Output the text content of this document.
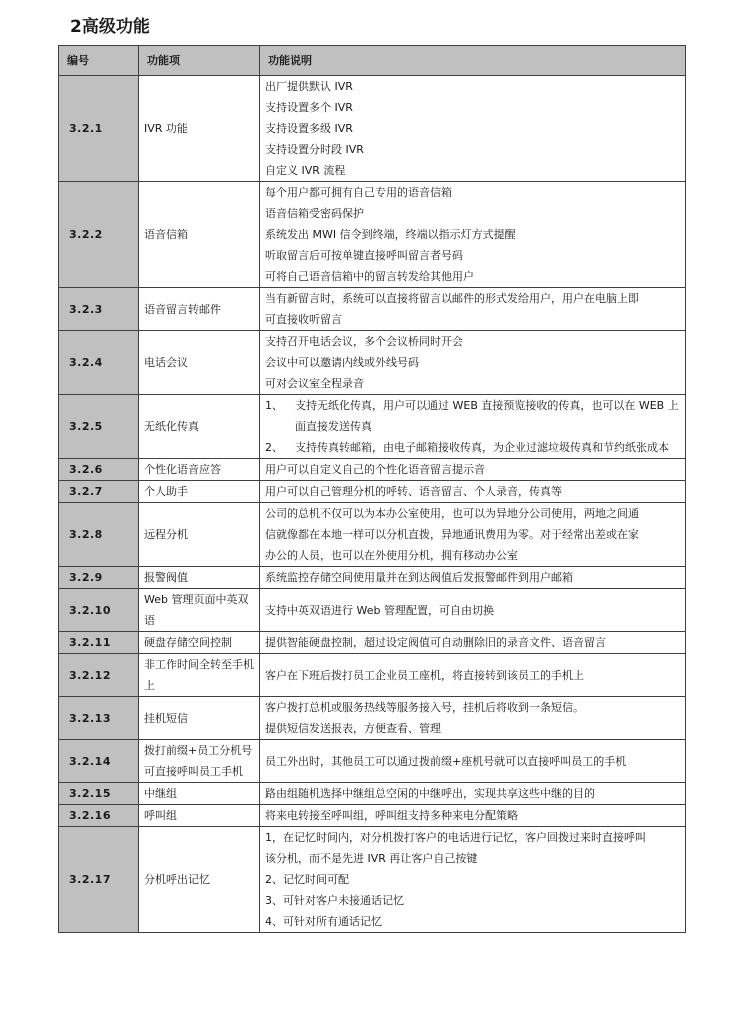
2高级功能
编号	功能项	功能说明
3.2.1	IVR 功能	出厂提供默认 IVR
支持设置多个 IVR
支持设置多级 IVR
支持设置分时段 IVR
自定义 IVR 流程

3.2.2	语音信箱	每个用户都可拥有自己专用的语音信箱
语音信箱受密码保护
系统发出 MWI 信令到终端，终端以指示灯方式提醒
听取留言后可按单键直接呼叫留言者号码
可将自己语音信箱中的留言转发给其他用户

3.2.3	语音留言转邮件	当有新留言时，系统可以直接将留言以邮件的形式发给用户，用户在电脑上即
可直接收听留言

3.2.4	电话会议	支持召开电话会议，多个会议桥同时开会
会议中可以邀请内线或外线号码
可对会议室全程录音

3.2.5	无纸化传真	1、 支持无纸化传真，用户可以通过 WEB 直接预览接收的传真，也可以在 WEB 上面直接发送传真
2、 支持传真转邮箱，由电子邮箱接收传真，为企业过滤垃圾传真和节约纸张成本

3.2.6	个性化语音应答	用户可以自定义自己的个性化语音留言提示音

3.2.7	个人助手	用户可以自己管理分机的呼转、语音留言、个人录音，传真等

3.2.8	远程分机	公司的总机不仅可以为本办公室使用，也可以为异地分公司使用，两地之间通
信就像都在本地一样可以分机直拨，异地通讯费用为零。对于经常出差或在家
办公的人员，也可以在外使用分机，拥有移动办公室

3.2.9	报警阀值	系统监控存储空间使用量并在到达阀值后发报警邮件到用户邮箱

3.2.10	Web 管理页面中英双语	支持中英双语进行 Web 管理配置，可自由切换

3.2.11	硬盘存储空间控制	提供智能硬盘控制，超过设定阀值可自动删除旧的录音文件、语音留言

3.2.12	非工作时间全转至手机上	客户在下班后拨打员工企业员工座机，将直接转到该员工的手机上

3.2.13	挂机短信	客户拨打总机或服务热线等服务接入号，挂机后将收到一条短信。
提供短信发送报表，方便查看、管理

3.2.14	拨打前缀+员工分机号可直接呼叫员工手机	员工外出时，其他员工可以通过拨前缀+座机号就可以直接呼叫员工的手机

3.2.15	中继组	路由组随机选择中继组总空闲的中继呼出，实现共享这些中继的目的

3.2.16	呼叫组	将来电转接至呼叫组，呼叫组支持多种来电分配策略

3.2.17	分机呼出记忆	1，在记忆时间内，对分机拨打客户的电话进行记忆，客户回拨过来时直接呼叫
该分机，而不是先进 IVR 再让客户自己按键
2、记忆时间可配
3、可针对客户未接通话记忆
4、可针对所有通话记忆
